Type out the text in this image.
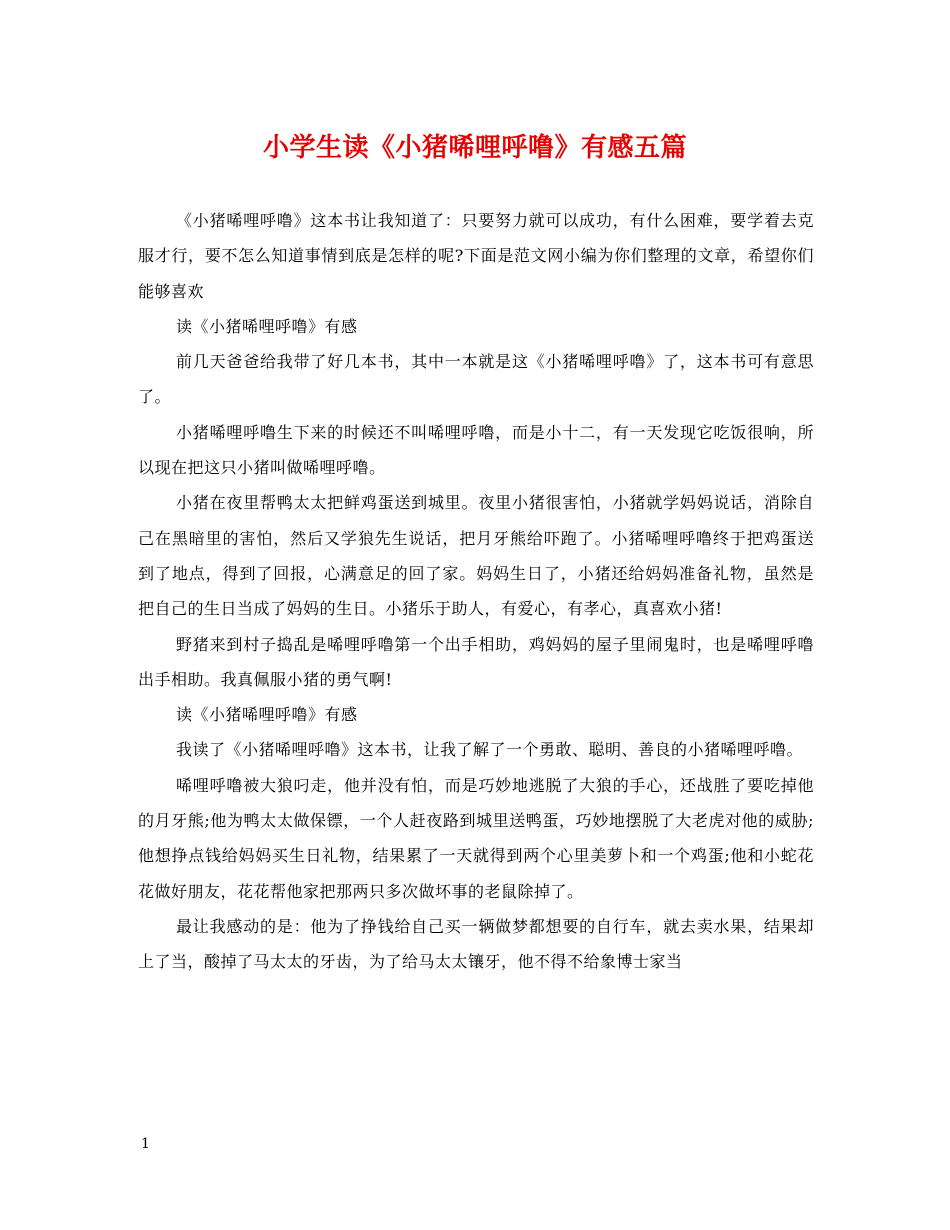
小学生读《小猪唏哩呼噜》有感五篇

《小猪唏哩呼噜》这本书让我知道了：只要努力就可以成功，有什么困难，要学着去克服才行，要不怎么知道事情到底是怎样的呢?下面是范文网小编为你们整理的文章，希望你们能够喜欢

读《小猪唏哩呼噜》有感

前几天爸爸给我带了好几本书，其中一本就是这《小猪唏哩呼噜》了，这本书可有意思了。

小猪唏哩呼噜生下来的时候还不叫唏哩呼噜，而是小十二，有一天发现它吃饭很响，所以现在把这只小猪叫做唏哩呼噜。

小猪在夜里帮鸭太太把鲜鸡蛋送到城里。夜里小猪很害怕，小猪就学妈妈说话，消除自己在黑暗里的害怕，然后又学狼先生说话，把月牙熊给吓跑了。小猪唏哩呼噜终于把鸡蛋送到了地点，得到了回报，心满意足的回了家。妈妈生日了，小猪还给妈妈准备礼物，虽然是把自己的生日当成了妈妈的生日。小猪乐于助人，有爱心，有孝心，真喜欢小猪!

野猪来到村子捣乱是唏哩呼噜第一个出手相助，鸡妈妈的屋子里闹鬼时，也是唏哩呼噜出手相助。我真佩服小猪的勇气啊!

读《小猪唏哩呼噜》有感

我读了《小猪唏哩呼噜》这本书，让我了解了一个勇敢、聪明、善良的小猪唏哩呼噜。

唏哩呼噜被大狼叼走，他并没有怕，而是巧妙地逃脱了大狼的手心，还战胜了要吃掉他的月牙熊;他为鸭太太做保镖，一个人赶夜路到城里送鸭蛋，巧妙地摆脱了大老虎对他的威胁;他想挣点钱给妈妈买生日礼物，结果累了一天就得到两个心里美萝卜和一个鸡蛋;他和小蛇花花做好朋友，花花帮他家把那两只多次做坏事的老鼠除掉了。

最让我感动的是：他为了挣钱给自己买一辆做梦都想要的自行车，就去卖水果，结果却上了当，酸掉了马太太的牙齿，为了给马太太镶牙，他不得不给象博士家当

1
